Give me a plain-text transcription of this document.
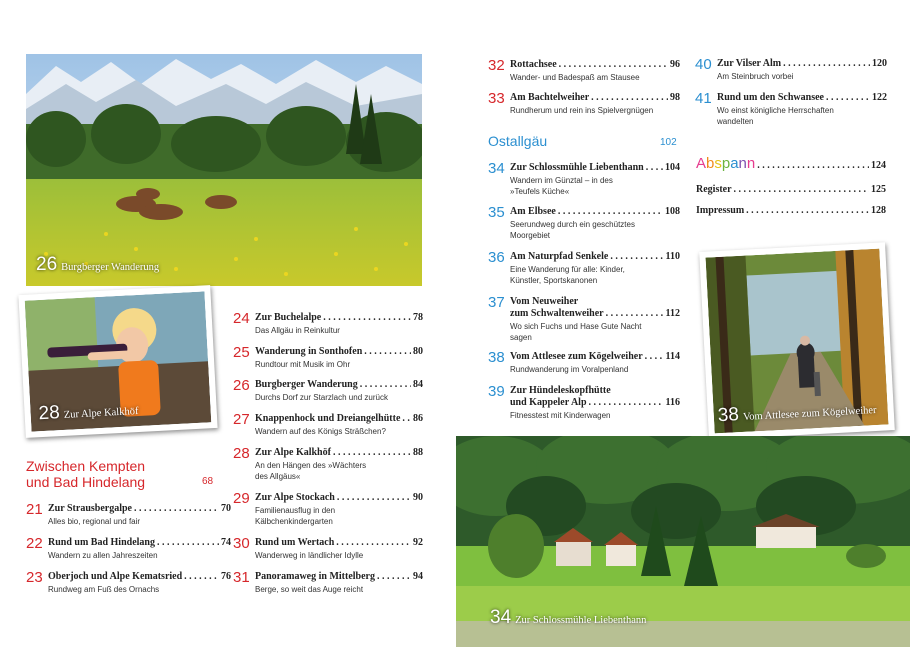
26 Burgberger Wanderung
28 Zur Alpe Kalkhöf
Zwischen Kempten
und Bad Hindelang	68
21 Zur Strausbergalpe . . .	70
Alles bio, regional und fair
22 Rund um Bad Hindelang . . .	74
Wandern zu allen Jahreszeiten
23 Oberjoch und Alpe Kematsried . . .	76
Rundweg am Fuß des Ornachs
24 Zur Buchelalpe . . .	78
Das Allgäu in Reinkultur
25 Wanderung in Sonthofen . . .	80
Rundtour mit Musik im Ohr
26 Burgberger Wanderung . . .	84
Durchs Dorf zur Starzlach und zurück
27 Knappenhock und Dreiangelhütte . . . 86
Wandern auf des Königs Sträßchen?
28 Zur Alpe Kalkhöf . . .	88
An den Hängen des »Wächters des Allgäus«
29 Zur Alpe Stockach . . .	90
Familienausflug in den Kälbchenkindergarten
30 Rund um Wertach . . .	92
Wanderweg in ländlicher Idylle
31 Panoramaweg in Mittelberg . . .	94
Berge, so weit das Auge reicht
32 Rottachsee . . .	96
Wander- und Badespaß am Stausee
33 Am Bachtelweiher . . .	98
Rundherum und rein ins Spielvergnügen
Ostallgäu	102
34 Zur Schlossmühle Liebenthann . . . 104
Wandern im Günztal – in des »Teufels Küche«
35 Am Elbsee . . .	108
Seerundweg durch ein geschütztes Moorgebiet
36 Am Naturpfad Senkele . . .	110
Eine Wanderung für alle: Kinder, Künstler, Sportskanonen
37 Vom Neuweiher
zum Schwaltenweiher . . .	112
Wo sich Fuchs und Hase Gute Nacht sagen
38 Vom Attlesee zum Kögelweiher . . . 114
Rundwanderung im Voralpenland
39 Zur Hündeleskopfhütte
und Kappeler Alp . . .	116
Fitnesstest mit Kinderwagen
40 Zur Vilser Alm . . .	120
Am Steinbruch vorbei
41 Rund um den Schwansee . . .	122
Wo einst königliche Herrschaften wandelten
Abspann . . .	124
Register . . .	125
Impressum . . .	128
38 Vom Attlesee zum Kögelweiher
34 Zur Schlossmühle Liebenthann
